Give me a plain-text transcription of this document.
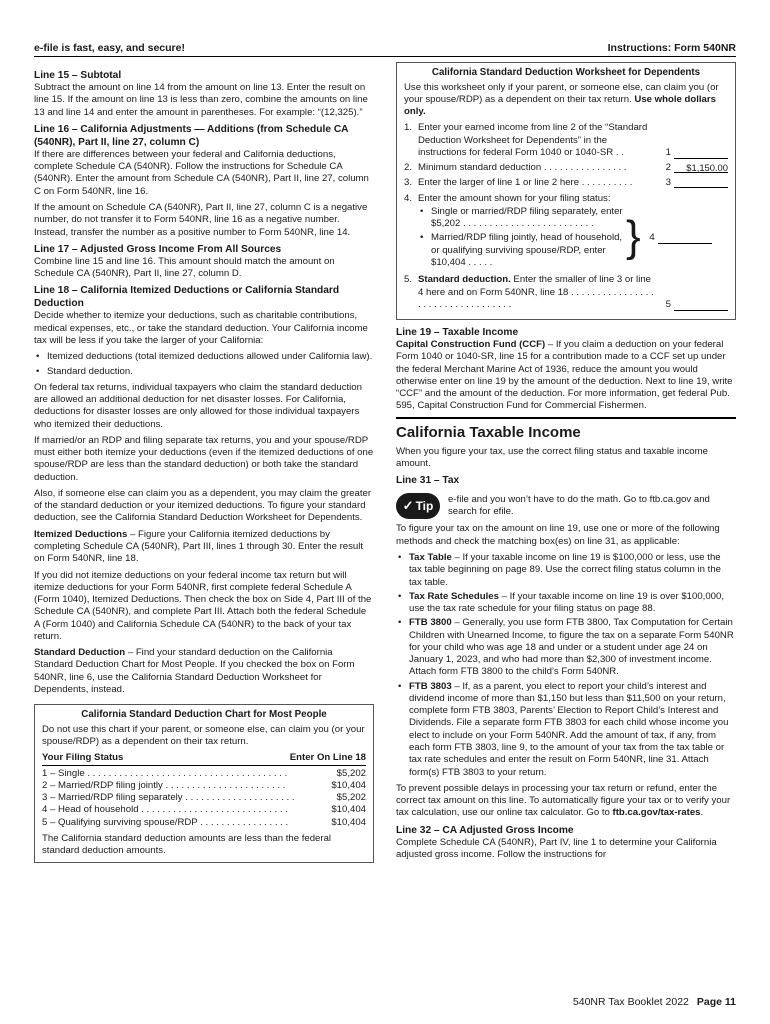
e-file is fast, easy, and secure!	Instructions: Form 540NR
Line 15 – Subtotal

Subtract the amount on line 14 from the amount on line 13. Enter the result on line 15. If the amount on line 13 is less than zero, combine the amounts on line 13 and line 14 and enter the amount in parentheses. For example: “(12,325).”

Line 16 – California Adjustments — Additions (from Schedule CA (540NR), Part II, line 27, column C)

If there are differences between your federal and California deductions, complete Schedule CA (540NR). Follow the instructions for Schedule CA (540NR). Enter the amount from Schedule CA (540NR), Part II, line 27, column C on Form 540NR, line 16.

If the amount on Schedule CA (540NR), Part II, line 27, column C is a negative number, do not transfer it to Form 540NR, line 16 as a negative number. Instead, transfer the number as a positive number to Form 540NR, line 14.

Line 17 – Adjusted Gross Income From All Sources

Combine line 15 and line 16. This amount should match the amount on Schedule CA (540NR), Part II, line 27, column D.

Line 18 – California Itemized Deductions or California Standard Deduction

Decide whether to itemize your deductions, such as charitable contributions, medical expenses, etc., or take the standard deduction. Your California income tax will be less if you take the larger of your California:

• Itemized deductions (total itemized deductions allowed under California law).
• Standard deduction.

On federal tax returns, individual taxpayers who claim the standard deduction are allowed an additional deduction for net disaster losses. For California, deductions for disaster losses are only allowed for those individual taxpayers who itemized their deductions.

If married/or an RDP and filing separate tax returns, you and your spouse/RDP must either both itemize your deductions (even if the itemized deductions of one spouse/RDP are less than the standard deduction) or both take the standard deduction.

Also, if someone else can claim you as a dependent, you may claim the greater of the standard deduction or your itemized deductions. To figure your standard deduction, see the California Standard Deduction Worksheet for Dependents.

Itemized Deductions – Figure your California itemized deductions by completing Schedule CA (540NR), Part III, lines 1 through 30. Enter the result on Form 540NR, line 18.

If you did not itemize deductions on your federal income tax return but will itemize deductions for your Form 540NR, first complete federal Schedule A (Form 1040), Itemized Deductions. Then check the box on Side 4, Part III of the Schedule CA (540NR), and complete Part III. Attach both the federal Schedule A (Form 1040) and California Schedule CA (540NR) to the back of your tax return.

Standard Deduction – Find your standard deduction on the California Standard Deduction Chart for Most People. If you checked the box on Form 540NR, line 6, use the California Standard Deduction Worksheet for Dependents, instead.

California Standard Deduction Chart for Most People
Do not use this chart if your parent, or someone else, can claim you (or your spouse/RDP) as a dependent on their tax return.
Your Filing Status	Enter On Line 18
1 – Single . . . . . . . . . . . . . . . . . . . . . . . . . . . . . . . . . . . . . .	$5,202
2 – Married/RDP filing jointly . . . . . . . . . . . . . . . . . . . . . . .	$10,404
3 – Married/RDP filing separately . . . . . . . . . . . . . . . . . . . . .	$5,202
4 – Head of household . . . . . . . . . . . . . . . . . . . . . . . . . . . .	$10,404
5 – Qualifying surviving spouse/RDP . . . . . . . . . . . . . . . . .	$10,404
The California standard deduction amounts are less than the federal standard deduction amounts.
California Standard Deduction Worksheet for Dependents

Use this worksheet only if your parent, or someone else, can claim you (or your spouse/RDP) as a dependent on their tax return. Use whole dollars only.

1. Enter your earned income from line 2 of the “Standard Deduction Worksheet for Dependents” in the instructions for federal Form 1040 or 1040-SR . .	1
2. Minimum standard deduction . . . . . . . . . . . . . . . .	2	$1,150.00
3. Enter the larger of line 1 or line 2 here . . . . . . . . . .	3
4. Enter the amount shown for your filing status:
• Single or married/RDP filing separately, enter $5,202 . . . . . . . . . . . . . . . . . . . . . . . . .
• Married/RDP filing jointly, head of household, or qualifying surviving spouse/RDP, enter $10,404 . . . . .
} 4
5. Standard deduction. Enter the smaller of line 3 or line 4 here and on Form 540NR, line 18 . . . . . . . . . . . . . . . . . . . . . . . . . . . . . . . . . .	5
Line 19 – Taxable Income

Capital Construction Fund (CCF) – If you claim a deduction on your federal Form 1040 or 1040-SR, line 15 for a contribution made to a CCF set up under the federal Merchant Marine Act of 1936, reduce the amount you would otherwise enter on line 19 by the amount of the deduction. Next to line 19, write “CCF” and the amount of the deduction. For more information, get federal Pub. 595, Capital Construction Fund for Commercial Fishermen.

California Taxable Income

When you figure your tax, use the correct filing status and taxable income amount.

Line 31 – Tax
✓ Tip e-file and you won’t have to do the math. Go to ftb.ca.gov and search for efile.

To figure your tax on the amount on line 19, use one or more of the following methods and check the matching box(es) on line 31, as applicable:

• Tax Table – If your taxable income on line 19 is $100,000 or less, use the tax table beginning on page 89. Use the correct filing status column in the tax table.
• Tax Rate Schedules – If your taxable income on line 19 is over $100,000, use the tax rate schedule for your filing status on page 88.
• FTB 3800 – Generally, you use form FTB 3800, Tax Computation for Certain Children with Unearned Income, to figure the tax on a separate Form 540NR for your child who was age 18 and under or a student under age 24 on January 1, 2023, and who had more than $2,300 of investment income. Attach form FTB 3800 to the child’s Form 540NR.
• FTB 3803 – If, as a parent, you elect to report your child’s interest and dividend income of more than $1,150 but less than $11,500 on your return, complete form FTB 3803, Parents’ Election to Report Child’s Interest and Dividends. File a separate form FTB 3803 for each child whose income you elect to include on your Form 540NR. Add the amount of tax, if any, from each form FTB 3803, line 9, to the amount of your tax from the tax table or tax rate schedules and enter the result on Form 540NR, line 31. Attach form(s) FTB 3803 to your return.

To prevent possible delays in processing your tax return or refund, enter the correct tax amount on this line. To automatically figure your tax or to verify your tax calculation, use our online tax calculator. Go to ftb.ca.gov/tax-rates.

Line 32 – CA Adjusted Gross Income

Complete Schedule CA (540NR), Part IV, line 1 to determine your California adjusted gross income. Follow the instructions for

540NR Tax Booklet 2022 Page 11
